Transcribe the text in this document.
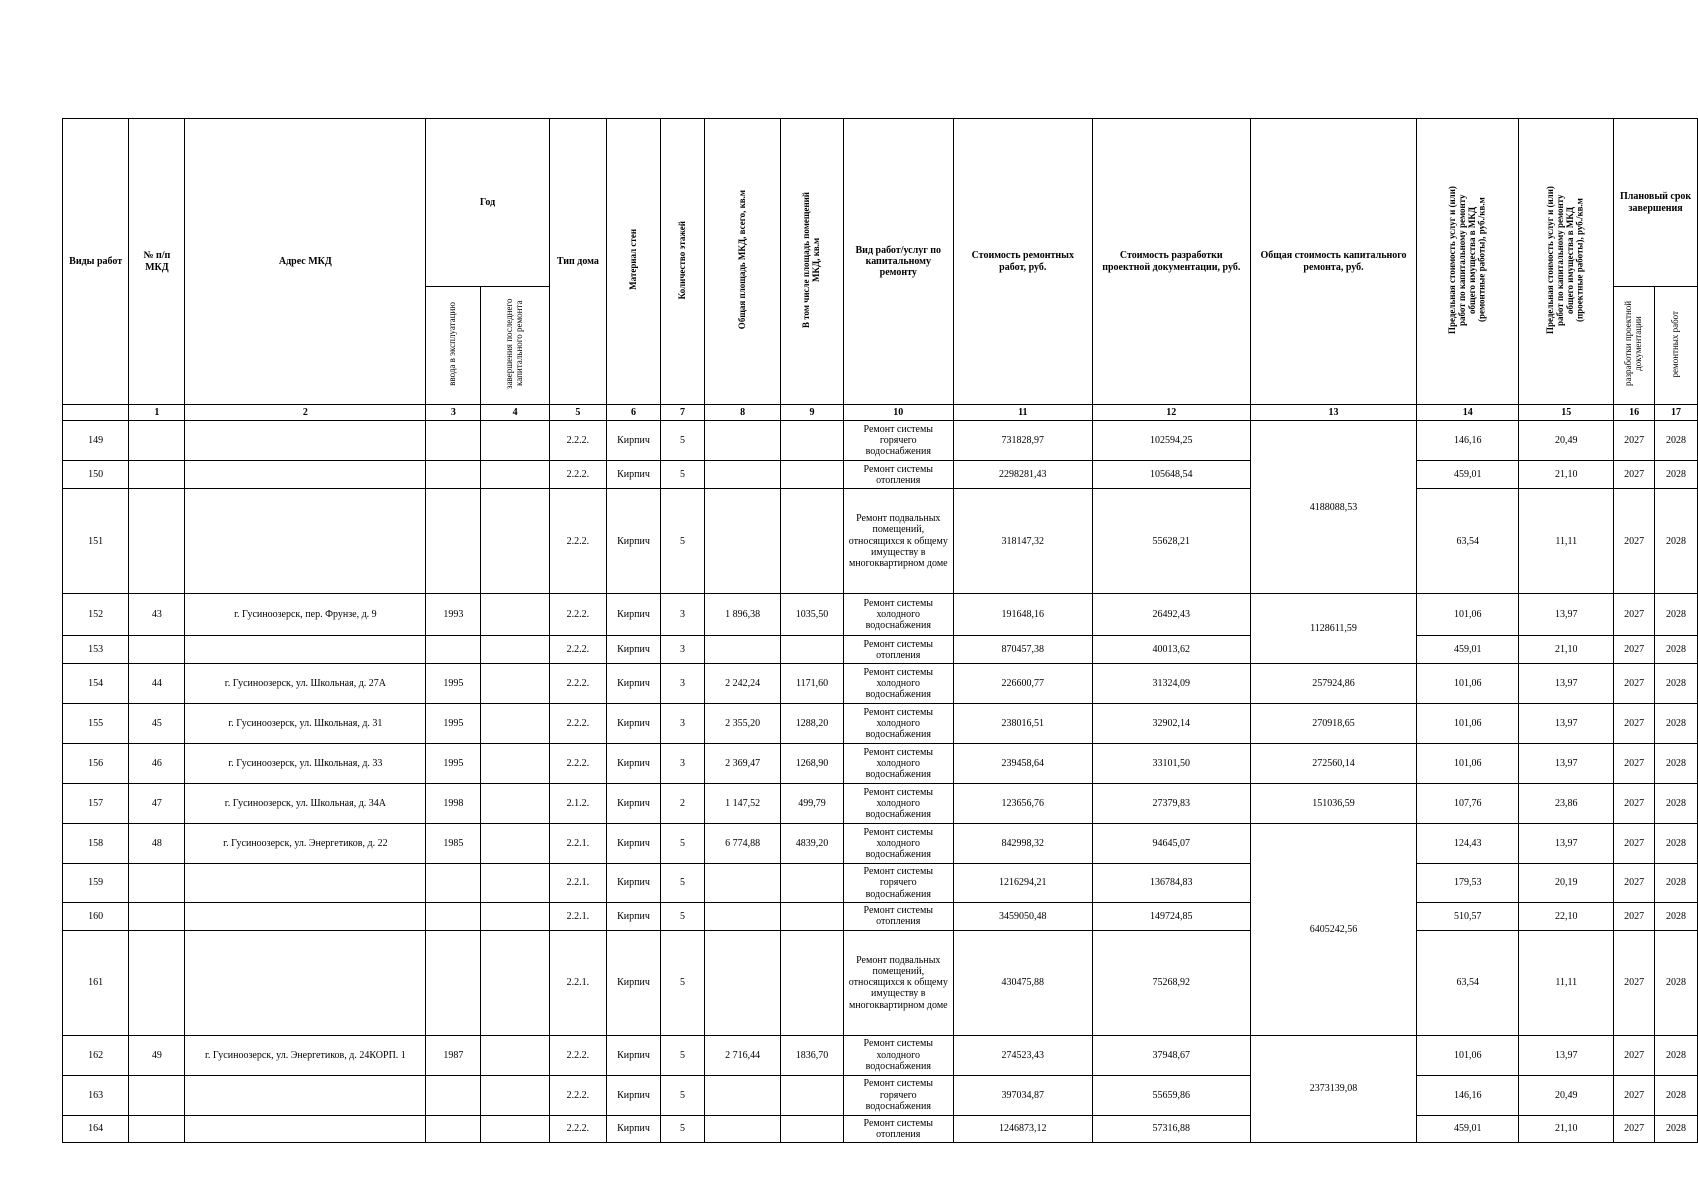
Виды работ	№ п/п МКД	Адрес МКД	Год		Тип дома	Материал стен	Количество этажей	Общая площадь МКД, всего, кв.м	В том числе площадь помещений МКД, кв.м	Вид работ/услуг по капитальному ремонту	Стоимость ремонтных работ, руб.	Стоимость разработки проектной документации, руб.	Общая стоимость капитального ремонта, руб.	Предельная стоимость услуг и (или) работ по капитальному ремонту общего имущества в МКД (ремонтные работы), руб./кв.м	Предельная стоимость услуг и (или) работ по капитальному ремонту общего имущества в МКД (проектные работы), руб./кв.м	Плановый срок завершения	
			ввода в эксплуатацию	завершения последнего капитального ремонта												разработки проектной документации	ремонтных работ
	1	2	3	4	5	6	7	8	9	10	11	12	13	14	15	16	17
149					2.2.2.	Кирпич	5			Ремонт системы горячего водоснабжения	731828,97	102594,25	4188088,53	146,16	20,49	2027	2028
150					2.2.2.	Кирпич	5			Ремонт системы отопления	2298281,43	105648,54		459,01	21,10	2027	2028
151					2.2.2.	Кирпич	5			Ремонт подвальных помещений, относящихся к общему имуществу в многоквартирном доме	318147,32	55628,21		63,54	11,11	2027	2028
152	43	г. Гусиноозерск, пер. Фрунзе, д. 9	1993		2.2.2.	Кирпич	3	1 896,38	1035,50	Ремонт системы холодного водоснабжения	191648,16	26492,43	1128611,59	101,06	13,97	2027	2028
153					2.2.2.	Кирпич	3			Ремонт системы отопления	870457,38	40013,62		459,01	21,10	2027	2028
154	44	г. Гусиноозерск, ул. Школьная, д. 27А	1995		2.2.2.	Кирпич	3	2 242,24	1171,60	Ремонт системы холодного водоснабжения	226600,77	31324,09	257924,86	101,06	13,97	2027	2028
155	45	г. Гусиноозерск, ул. Школьная, д. 31	1995		2.2.2.	Кирпич	3	2 355,20	1288,20	Ремонт системы холодного водоснабжения	238016,51	32902,14	270918,65	101,06	13,97	2027	2028
156	46	г. Гусиноозерск, ул. Школьная, д. 33	1995		2.2.2.	Кирпич	3	2 369,47	1268,90	Ремонт системы холодного водоснабжения	239458,64	33101,50	272560,14	101,06	13,97	2027	2028
157	47	г. Гусиноозерск, ул. Школьная, д. 34А	1998		2.1.2.	Кирпич	2	1 147,52	499,79	Ремонт системы холодного водоснабжения	123656,76	27379,83	151036,59	107,76	23,86	2027	2028
158	48	г. Гусиноозерск, ул. Энергетиков, д. 22	1985		2.2.1.	Кирпич	5	6 774,88	4839,20	Ремонт системы холодного водоснабжения	842998,32	94645,07	6405242,56	124,43	13,97	2027	2028
159					2.2.1.	Кирпич	5			Ремонт системы горячего водоснабжения	1216294,21	136784,83		179,53	20,19	2027	2028
160					2.2.1.	Кирпич	5			Ремонт системы отопления	3459050,48	149724,85		510,57	22,10	2027	2028
161					2.2.1.	Кирпич	5			Ремонт подвальных помещений, относящихся к общему имуществу в многоквартирном доме	430475,88	75268,92		63,54	11,11	2027	2028
162	49	г. Гусиноозерск, ул. Энергетиков, д. 24КОРП. 1	1987		2.2.2.	Кирпич	5	2 716,44	1836,70	Ремонт системы холодного водоснабжения	274523,43	37948,67	2373139,08	101,06	13,97	2027	2028
163					2.2.2.	Кирпич	5			Ремонт системы горячего водоснабжения	397034,87	55659,86		146,16	20,49	2027	2028
164					2.2.2.	Кирпич	5			Ремонт системы отопления	1246873,12	57316,88		459,01	21,10	2027	2028
